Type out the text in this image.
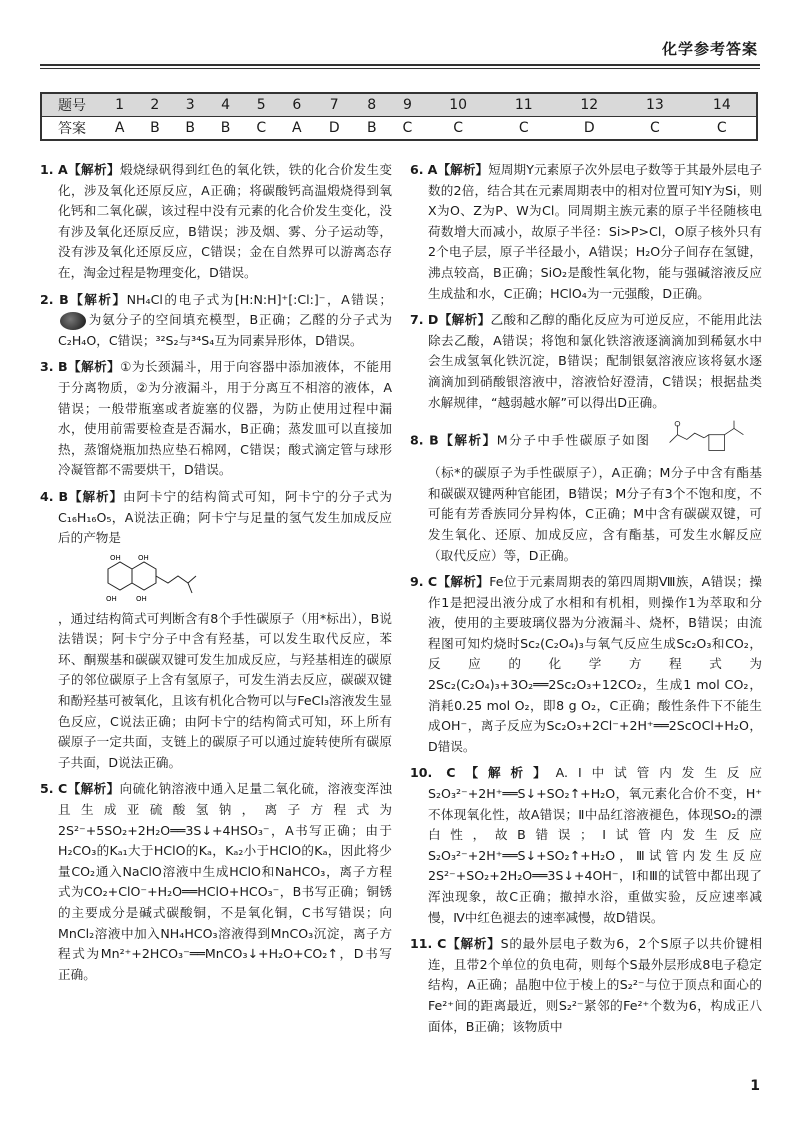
化学参考答案
题号	1	2	3	4	5	6	7	8	9	10	11	12	13	14
答案	A	B	B	B	C	A	D	B	C	C	C	D	C	C
1. A【解析】煅烧绿矾得到红色的氧化铁，铁的化合价发生变化，涉及氧化还原反应，A正确；将碳酸钙高温煅烧得到氧化钙和二氧化碳，该过程中没有元素的化合价发生变化，没有涉及氧化还原反应，B错误；涉及烟、雾、分子运动等，没有涉及氧化还原反应，C错误；金在自然界可以游离态存在，淘金过程是物理变化，D错误。
2. B【解析】NH₄Cl的电子式为[H:N:H]⁺[:Cl:]⁻，A错误； 为氨分子的空间填充模型，B正确；乙醛的分子式为C₂H₄O，C错误；³²S₂与³⁴S₄互为同素异形体，D错误。
3. B【解析】①为长颈漏斗，用于向容器中添加液体，不能用于分离物质，②为分液漏斗，用于分离互不相溶的液体，A错误；一般带瓶塞或者旋塞的仪器，为防止使用过程中漏水，使用前需要检查是否漏水，B正确；蒸发皿可以直接加热，蒸馏烧瓶加热应垫石棉网，C错误；酸式滴定管与球形冷凝管都不需要烘干，D错误。
4. B【解析】由阿卡宁的结构简式可知，阿卡宁的分子式为C₁₆H₁₆O₅，A说法正确；阿卡宁与足量的氢气发生加成反应后的产物是
OH OH
OH	OH
，通过结构简式可判断含有8个手性碳原子（用*标出），B说法错误；阿卡宁分子中含有羟基，可以发生取代反应，苯环、酮羰基和碳碳双键可发生加成反应，与羟基相连的碳原子的邻位碳原子上含有氢原子，可发生消去反应，碳碳双键和酚羟基可被氧化，且该有机化合物可以与FeCl₃溶液发生显色反应，C说法正确；由阿卡宁的结构简式可知，环上所有碳原子一定共面，支链上的碳原子可以通过旋转使所有碳原子共面，D说法正确。
5. C【解析】向硫化钠溶液中通入足量二氧化硫，溶液变浑浊且生成亚硫酸氢钠，离子方程式为2S²⁻+5SO₂+2H₂O══3S↓+4HSO₃⁻，A书写正确；由于H₂CO₃的Kₐ₁大于HClO的Kₐ，Kₐ₂小于HClO的Kₐ，因此将少量CO₂通入NaClO溶液中生成HClO和NaHCO₃，离子方程式为CO₂+ClO⁻+H₂O══HClO+HCO₃⁻，B书写正确；铜锈的主要成分是碱式碳酸铜，不是氧化铜，C书写错误；向MnCl₂溶液中加入NH₄HCO₃溶液得到MnCO₃沉淀，离子方程式为Mn²⁺+2HCO₃⁻══MnCO₃↓+H₂O+CO₂↑，D书写正确。
6. A【解析】短周期Y元素原子次外层电子数等于其最外层电子数的2倍，结合其在元素周期表中的相对位置可知Y为Si，则X为O、Z为P、W为Cl。同周期主族元素的原子半径随核电荷数增大而减小，故原子半径：Si>P>Cl，O原子核外只有2个电子层，原子半径最小，A错误；H₂O分子间存在氢键，沸点较高，B正确；SiO₂是酸性氧化物，能与强碱溶液反应生成盐和水，C正确；HClO₄为一元强酸，D正确。
7. D【解析】乙酸和乙醇的酯化反应为可逆反应，不能用此法除去乙酸，A错误；将饱和氯化铁溶液逐滴滴加到稀氨水中会生成氢氧化铁沉淀，B错误；配制银氨溶液应该将氨水逐滴滴加到硝酸银溶液中，溶液恰好澄清，C错误；根据盐类水解规律，“越弱越水解”可以得出D正确。
8. B【解析】M分子中手性碳原子如图  （标*的碳原子为手性碳原子），A正确；M分子中含有酯基和碳碳双键两种官能团，B错误；M分子有3个不饱和度，不可能有芳香族同分异构体，C正确；M中含有碳碳双键，可发生氧化、还原、加成反应，含有酯基，可发生水解反应（取代反应）等，D正确。
9. C【解析】Fe位于元素周期表的第四周期Ⅷ族，A错误；操作1是把浸出液分成了水相和有机相，则操作1为萃取和分液，使用的主要玻璃仪器为分液漏斗、烧杯，B错误；由流程图可知灼烧时Sc₂(C₂O₄)₃与氧气反应生成Sc₂O₃和CO₂，反应的化学方程式为2Sc₂(C₂O₄)₃+3O₂══2Sc₂O₃+12CO₂，生成1 mol CO₂，消耗0.25 mol O₂，即8 g O₂，C正确；酸性条件下不能生成OH⁻，离子反应为Sc₂O₃+2Cl⁻+2H⁺══2ScOCl+H₂O，D错误。
10. C【解析】A.Ⅰ中试管内发生反应S₂O₃²⁻+2H⁺══S↓+SO₂↑+H₂O，氧元素化合价不变，H⁺不体现氧化性，故A错误；Ⅱ中品红溶液褪色，体现SO₂的漂白性，故B错误；Ⅰ试管内发生反应S₂O₃²⁻+2H⁺══S↓+SO₂↑+H₂O，Ⅲ试管内发生反应2S²⁻+SO₂+2H₂O══3S↓+4OH⁻，Ⅰ和Ⅲ的试管中都出现了浑浊现象，故C正确；撤掉水浴，重做实验，反应速率减慢，Ⅳ中红色褪去的速率减慢，故D错误。
11. C【解析】S的最外层电子数为6，2个S原子以共价键相连，且带2个单位的负电荷，则每个S最外层形成8电子稳定结构，A正确；晶胞中位于棱上的S₂²⁻与位于顶点和面心的Fe²⁺间的距离最近，则S₂²⁻紧邻的Fe²⁺个数为6，构成正八面体，B正确；该物质中
1
